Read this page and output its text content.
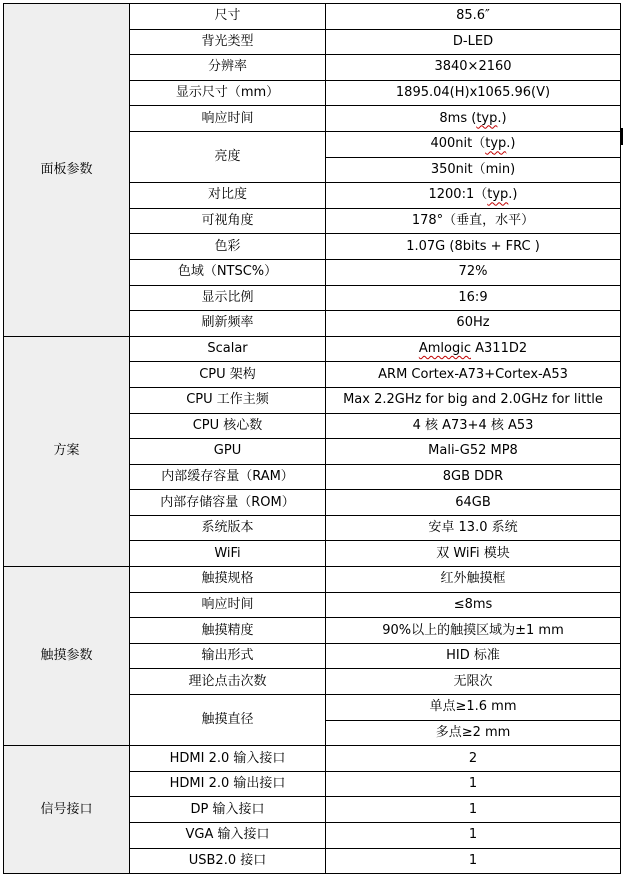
面板参数	尺寸	85.6″
	背光类型	D-LED
	分辨率	3840×2160
	显示尺寸（mm）	1895.04(H)x1065.96(V)
	响应时间	8ms (typ.)
	亮度	400nit（typ.)
		350nit（min)
	对比度	1200:1（typ.)
	可视角度	178°（垂直，水平）
	色彩	1.07G (8bits + FRC )
	色域（NTSC%）	72%
	显示比例	16:9
	刷新频率	60Hz
方案	Scalar	Amlogic A311D2
	CPU 架构	ARM Cortex-A73+Cortex-A53
	CPU 工作主频	Max 2.2GHz for big and 2.0GHz for little
	CPU 核心数	4 核 A73+4 核 A53
	GPU	Mali-G52 MP8
	内部缓存容量（RAM）	8GB DDR
	内部存储容量（ROM）	64GB
	系统版本	安卓 13.0 系统
	WiFi	双 WiFi 模块
触摸参数	触摸规格	红外触摸框
	响应时间	≤8ms
	触摸精度	90%以上的触摸区域为±1 mm
	输出形式	HID 标准
	理论点击次数	无限次
	触摸直径	单点≥1.6 mm
		多点≥2 mm
信号接口	HDMI 2.0 输入接口	2
	HDMI 2.0 输出接口	1
	DP 输入接口	1
	VGA 输入接口	1
	USB2.0 接口	1
